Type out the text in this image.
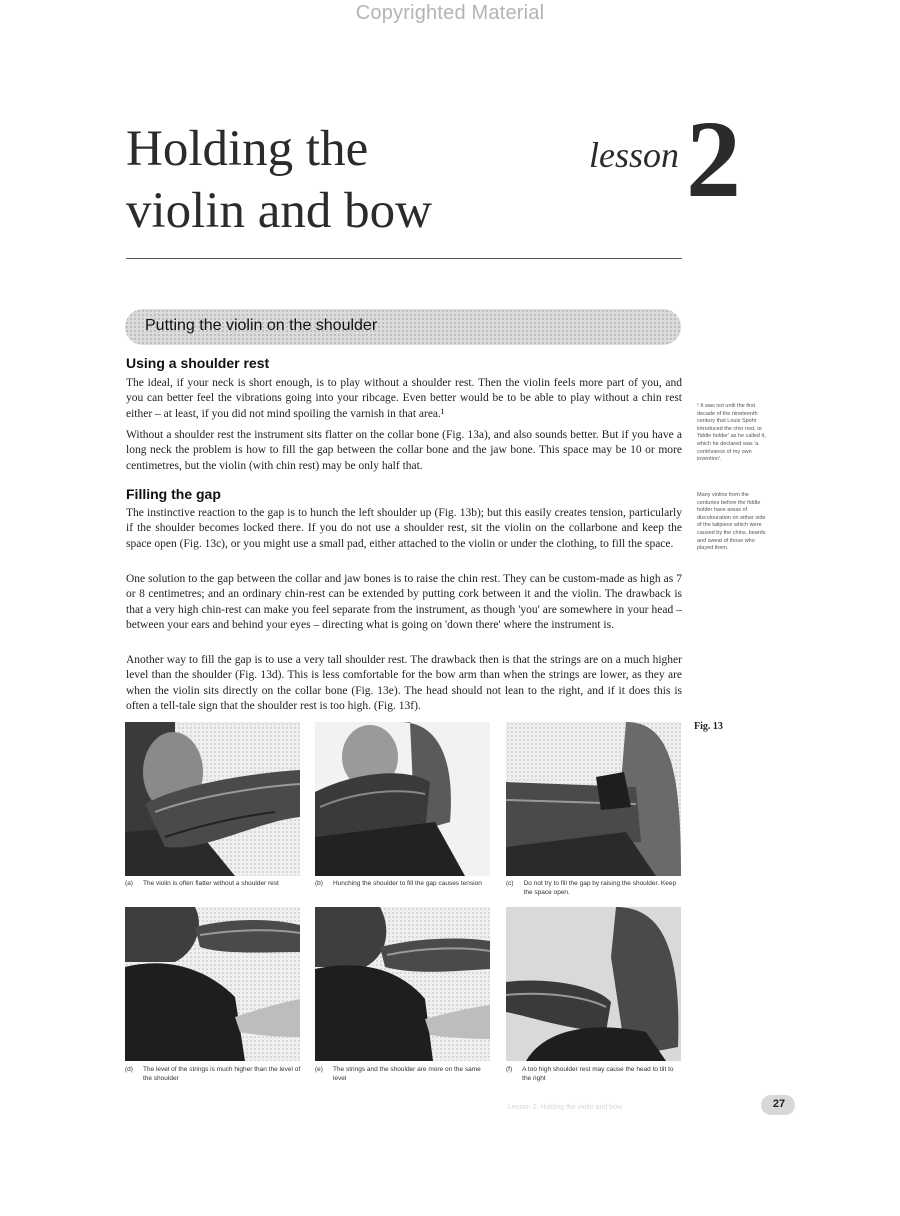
Copyrighted Material
Holding the
violin and bow
lesson 2
Putting the violin on the shoulder
Using a shoulder rest
The ideal, if your neck is short enough, is to play without a shoulder rest. Then the violin feels more part of you, and you can better feel the vibrations going into your ribcage. Even better would be to be able to play without a chin rest either – at least, if you did not mind spoiling the varnish in that area.¹
Without a shoulder rest the instrument sits flatter on the collar bone (Fig. 13a), and also sounds better. But if you have a long neck the problem is how to fill the gap between the collar bone and the jaw bone. This space may be 10 or more centimetres, but the violin (with chin rest) may be only half that.
Filling the gap
The instinctive reaction to the gap is to hunch the left shoulder up (Fig. 13b); but this easily creates tension, particularly if the shoulder becomes locked there. If you do not use a shoulder rest, sit the violin on the collarbone and keep the space open (Fig. 13c), or you might use a small pad, either attached to the violin or under the clothing, to fill the space.
One solution to the gap between the collar and jaw bones is to raise the chin rest. They can be custom-made as high as 7 or 8 centimetres; and an ordinary chin-rest can be extended by putting cork between it and the violin. The drawback is that a very high chin-rest can make you feel separate from the instrument, as though 'you' are somewhere in your head – between your ears and behind your eyes – directing what is going on 'down there' where the instrument is.
Another way to fill the gap is to use a very tall shoulder rest. The drawback then is that the strings are on a much higher level than the shoulder (Fig. 13d). This is less comfortable for the bow arm than when the strings are lower, as they are when the violin sits directly on the collar bone (Fig. 13e). The head should not lean to the right, and if it does this is often a tell-tale sign that the shoulder rest is too high. (Fig. 13f).
¹ It was not until the first decade of the nineteenth century that Louis Spohr introduced the chin rest, or 'fiddle holder' as he called it, which he declared was 'a contrivance of my own invention'.
Many violins from the centuries before the fiddle holder have areas of discolouration on either side of the tailpiece which were caused by the chins, beards and sweat of those who played them.
Fig. 13
(a) The violin is often flatter without a shoulder rest	(b) Hunching the shoulder to fill the gap causes tension	(c) Do not try to fill the gap by raising the shoulder. Keep the space open.
(d) The level of the strings is much higher than the level of the shoulder
(e) The strings and the shoulder are more on the same level
(f) A too high shoulder rest may cause the head to tilt to the right
Lesson 2: Holding the violin and bow	27
